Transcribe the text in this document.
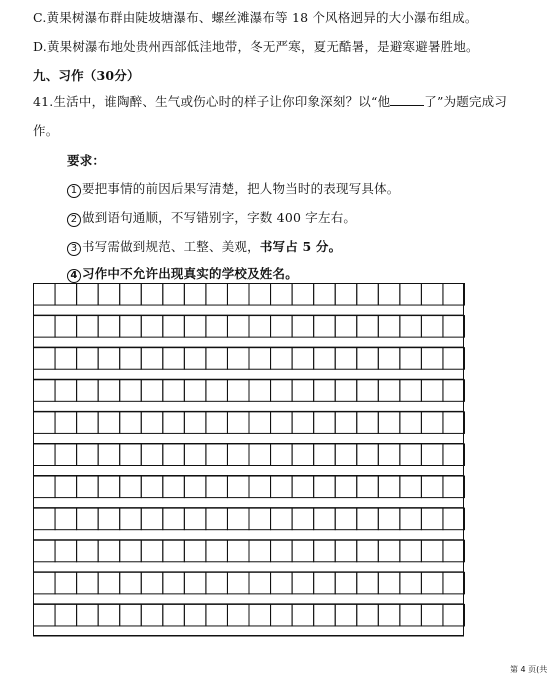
C.黄果树瀑布群由陡坡塘瀑布、螺丝滩瀑布等 18 个风格迥异的大小瀑布组成。
D.黄果树瀑布地处贵州西部低洼地带，冬无严寒，夏无酷暑，是避寒避暑胜地。
九、习作（30分）
41.生活中，谁陶醉、生气或伤心时的样子让你印象深刻？以“他	了”为题完成习
作。
要求：
1 要把事情的前因后果写清楚，把人物当时的表现写具体。
2 做到语句通顺，不写错别字，字数 400 字左右。
3 书写需做到规范、工整、美观，书写占 5 分。
4 习作中不允许出现真实的学校及姓名。
第 4 页(共
